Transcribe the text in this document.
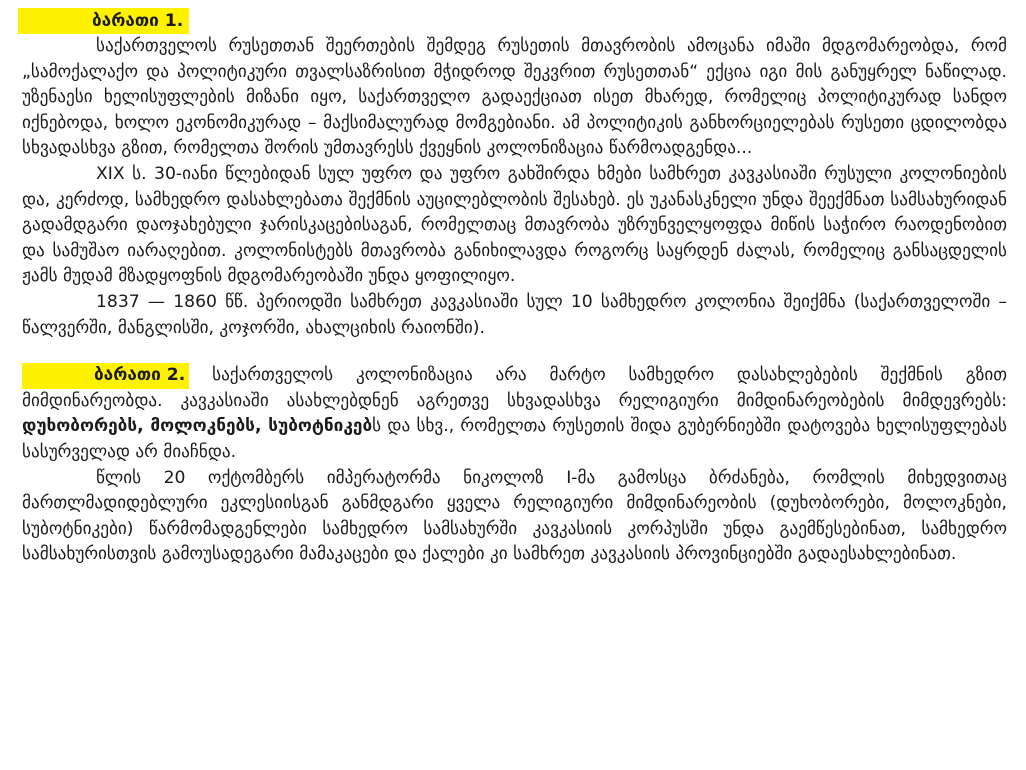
ბარათი 1.

საქართველოს რუსეთთან შეერთების შემდეგ რუსეთის მთავრობის ამოცანა იმაში მდგომარეობდა, რომ „სამოქალაქო და პოლიტიკური თვალსაზრისით მჭიდროდ შეკვრით რუსეთთან“ ექცია იგი მის განუყრელ ნაწილად. უზენაესი ხელისუფლების მიზანი იყო, საქართველო გადაექციათ ისეთ მხარედ, რომელიც პოლიტიკურად სანდო იქნებოდა, ხოლო ეკონომიკურად – მაქსიმალურად მომგებიანი. ამ პოლიტიკის განხორციელებას რუსეთი ცდილობდა სხვადასხვა გზით, რომელთა შორის უმთავრესს ქვეყნის კოლონიზაცია წარმოადგენდა...

XIX ს. 30-იანი წლებიდან სულ უფრო და უფრო გახშირდა ხმები სამხრეთ კავკასიაში რუსული კოლონიების და, კერძოდ, სამხედრო დასახლებათა შექმნის აუცილებლობის შესახებ. ეს უკანასკნელი უნდა შეექმნათ სამსახურიდან გადამდგარი დაოჯახებული ჯარისკაცებისაგან, რომელთაც მთავრობა უზრუნველყოფდა მიწის საჭირო რაოდენობით და სამუშაო იარაღებით. კოლონისტებს მთავრობა განიხილავდა როგორც საყრდენ ძალას, რომელიც განსაცდელის ჟამს მუდამ მზადყოფნის მდგომარეობაში უნდა ყოფილიყო.

1837 — 1860 წწ. პერიოდში სამხრეთ კავკასიაში სულ 10 სამხედრო კოლონია შეიქმნა (საქართველოში – წალვერში, მანგლისში, კოჯორში, ახალციხის რაიონში).

ბარათი 2. საქართველოს კოლონიზაცია არა მარტო სამხედრო დასახლებების შექმნის გზით მიმდინარეობდა. კავკასიაში ასახლებდნენ აგრეთვე სხვადასხვა რელიგიური მიმდინარეობების მიმდევრებს: დუხობორებს, მოლოკნებს, სუბოტნიკებს და სხვ., რომელთა რუსეთის შიდა გუბერნიებში დატოვება ხელისუფლებას სასურველად არ მიაჩნდა.

წლის 20 ოქტომბერს იმპერატორმა ნიკოლოზ I-მა გამოსცა ბრძანება, რომლის მიხედვითაც მართლმადიდებლური ეკლესიისგან განმდგარი ყველა რელიგიური მიმდინარეობის (დუხობორები, მოლოკნები, სუბოტნიკები) წარმომადგენლები სამხედრო სამსახურში კავკასიის კორპუსში უნდა გაემწესებინათ, სამხედრო სამსახურისთვის გამოუსადეგარი მამაკაცები და ქალები კი სამხრეთ კავკასიის პროვინციებში გადაესახლებინათ.
